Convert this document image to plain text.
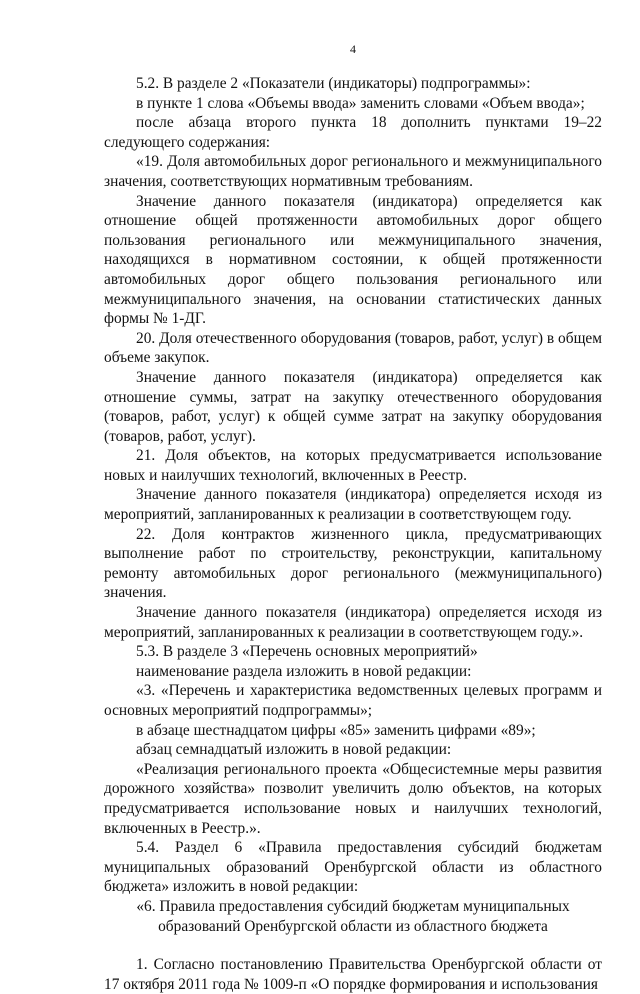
4

5.2. В разделе 2 «Показатели (индикаторы) подпрограммы»:

в пункте 1 слова «Объемы ввода» заменить словами «Объем ввода»;

после абзаца второго пункта 18 дополнить пунктами 19–22 следующего содержания:

«19. Доля автомобильных дорог регионального и межмуниципального значения, соответствующих нормативным требованиям.

Значение данного показателя (индикатора) определяется как отношение общей протяженности автомобильных дорог общего пользования регионального или межмуниципального значения, находящихся в нормативном состоянии, к общей протяженности автомобильных дорог общего пользования регионального или межмуниципального значения, на основании статистических данных формы № 1-ДГ.

20. Доля отечественного оборудования (товаров, работ, услуг) в общем объеме закупок.

Значение данного показателя (индикатора) определяется как отношение суммы, затрат на закупку отечественного оборудования (товаров, работ, услуг) к общей сумме затрат на закупку оборудования (товаров, работ, услуг).

21. Доля объектов, на которых предусматривается использование новых и наилучших технологий, включенных в Реестр.

Значение данного показателя (индикатора) определяется исходя из мероприятий, запланированных к реализации в соответствующем году.

22. Доля контрактов жизненного цикла, предусматривающих выполнение работ по строительству, реконструкции, капитальному ремонту автомобильных дорог регионального (межмуниципального) значения.

Значение данного показателя (индикатора) определяется исходя из мероприятий, запланированных к реализации в соответствующем году.».

5.3. В разделе 3 «Перечень основных мероприятий»

наименование раздела изложить в новой редакции:

«3. «Перечень и характеристика ведомственных целевых программ и основных мероприятий подпрограммы»;

в абзаце шестнадцатом цифры «85» заменить цифрами «89»;

абзац семнадцатый изложить в новой редакции:

«Реализация регионального проекта «Общесистемные меры развития дорожного хозяйства» позволит увеличить долю объектов, на которых предусматривается использование новых и наилучших технологий, включенных в Реестр.».

5.4. Раздел 6 «Правила предоставления субсидий бюджетам муниципальных образований Оренбургской области из областного бюджета» изложить в новой редакции:

«6. Правила предоставления субсидий бюджетам муниципальных образований Оренбургской области из областного бюджета

1. Согласно постановлению Правительства Оренбургской области от 17 октября 2011 года № 1009-п «О порядке формирования и использования
